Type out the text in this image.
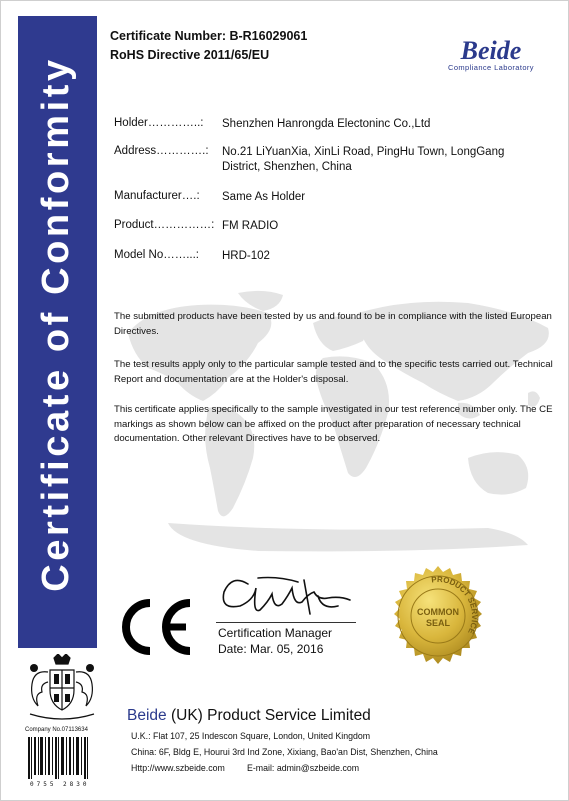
Certificate of Conformity
Certificate Number: B-R16029061
RoHS Directive 2011/65/EU	Beide
Compliance Laboratory
Holder…………..: Shenzhen Hanrongda Electoninc Co.,Ltd
Address………….: No.21 LiYuanXia, XinLi Road, PingHu Town, LongGang District, Shenzhen, China
Manufacturer….: Same As Holder
Product……………: FM RADIO
Model No……...: HRD-102
The submitted products have been tested by us and found to be in compliance with the listed European Directives.
The test results apply only to the particular sample tested and to the specific tests carried out. Technical Report and documentation are at the Holder's disposal.
This certificate applies specifically to the sample investigated in our test reference number only. The CE markings as shown below can be affixed on the product after preparation of necessary technical documentation. Other relevant Directives have to be observed.
Certification Manager
Date: Mar. 05, 2016
PRODUCT SERVICE
COMMON
SEAL
Company No.07113634
0755 2830
Beide (UK) Product Service Limited
U.K.: Flat 107, 25 Indescon Square, London, United Kingdom
China: 6F, Bldg E, Hourui 3rd Ind Zone, Xixiang, Bao'an Dist, Shenzhen, China
Http://www.szbeide.com	E-mail: admin@szbeide.com
